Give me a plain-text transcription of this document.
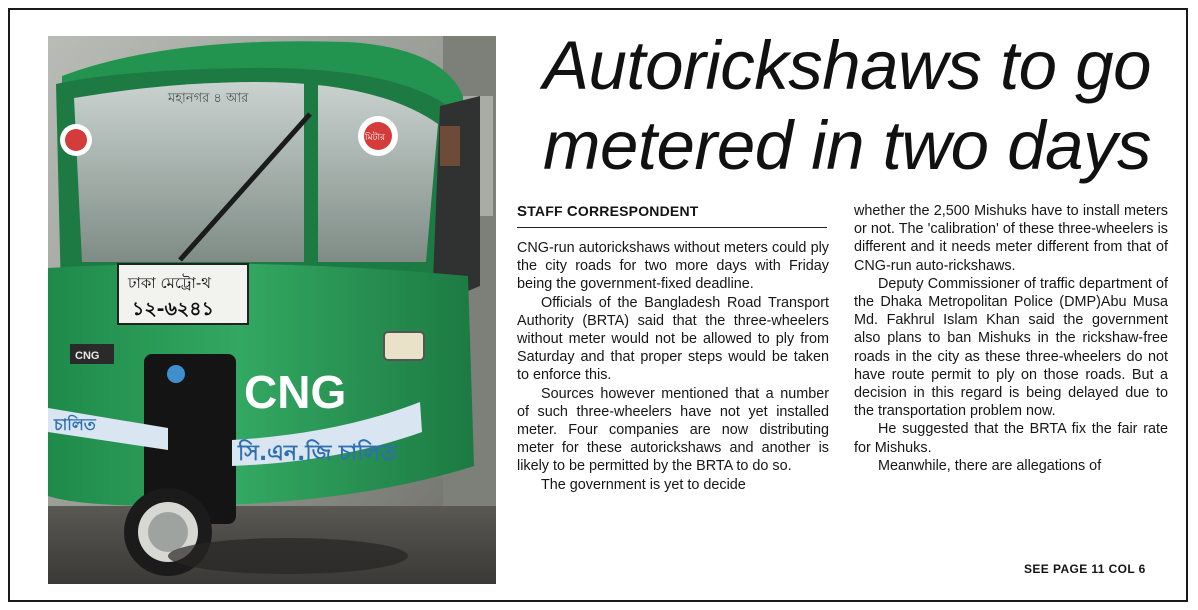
মহানগর ৪ আর
মিটার
ঢাকা মেট্রো-থ
১২-৬২৪১
CNG
CNG
চালিত
সি.এন.জি চালিত
Autorickshaws to go
metered in two days
STAFF CORRESPONDENT

CNG-run autorickshaws without meters could ply the city roads for two more days with Friday being the government-fixed deadline.

Officials of the Bangladesh Road Transport Authority (BRTA) said that the three-wheelers without meter would not be allowed to ply from Saturday and that proper steps would be taken to enforce this.

Sources however mentioned that a number of such three-wheelers have not yet installed meter. Four companies are now distributing meter for these autorickshaws and another is likely to be permitted by the BRTA to do so.

The government is yet to decide

whether the 2,500 Mishuks have to install meters or not. The 'calibration' of these three-wheelers is different and it needs meter different from that of CNG-run auto-rickshaws.

Deputy Commissioner of traffic department of the Dhaka Metropolitan Police (DMP)Abu Musa Md. Fakhrul Islam Khan said the government also plans to ban Mishuks in the rickshaw-free roads in the city as these three-wheelers do not have route permit to ply on those roads. But a decision in this regard is being delayed due to the transportation problem now.

He suggested that the BRTA fix the fair rate for Mishuks.

Meanwhile, there are allegations of

SEE PAGE 11 COL 6
